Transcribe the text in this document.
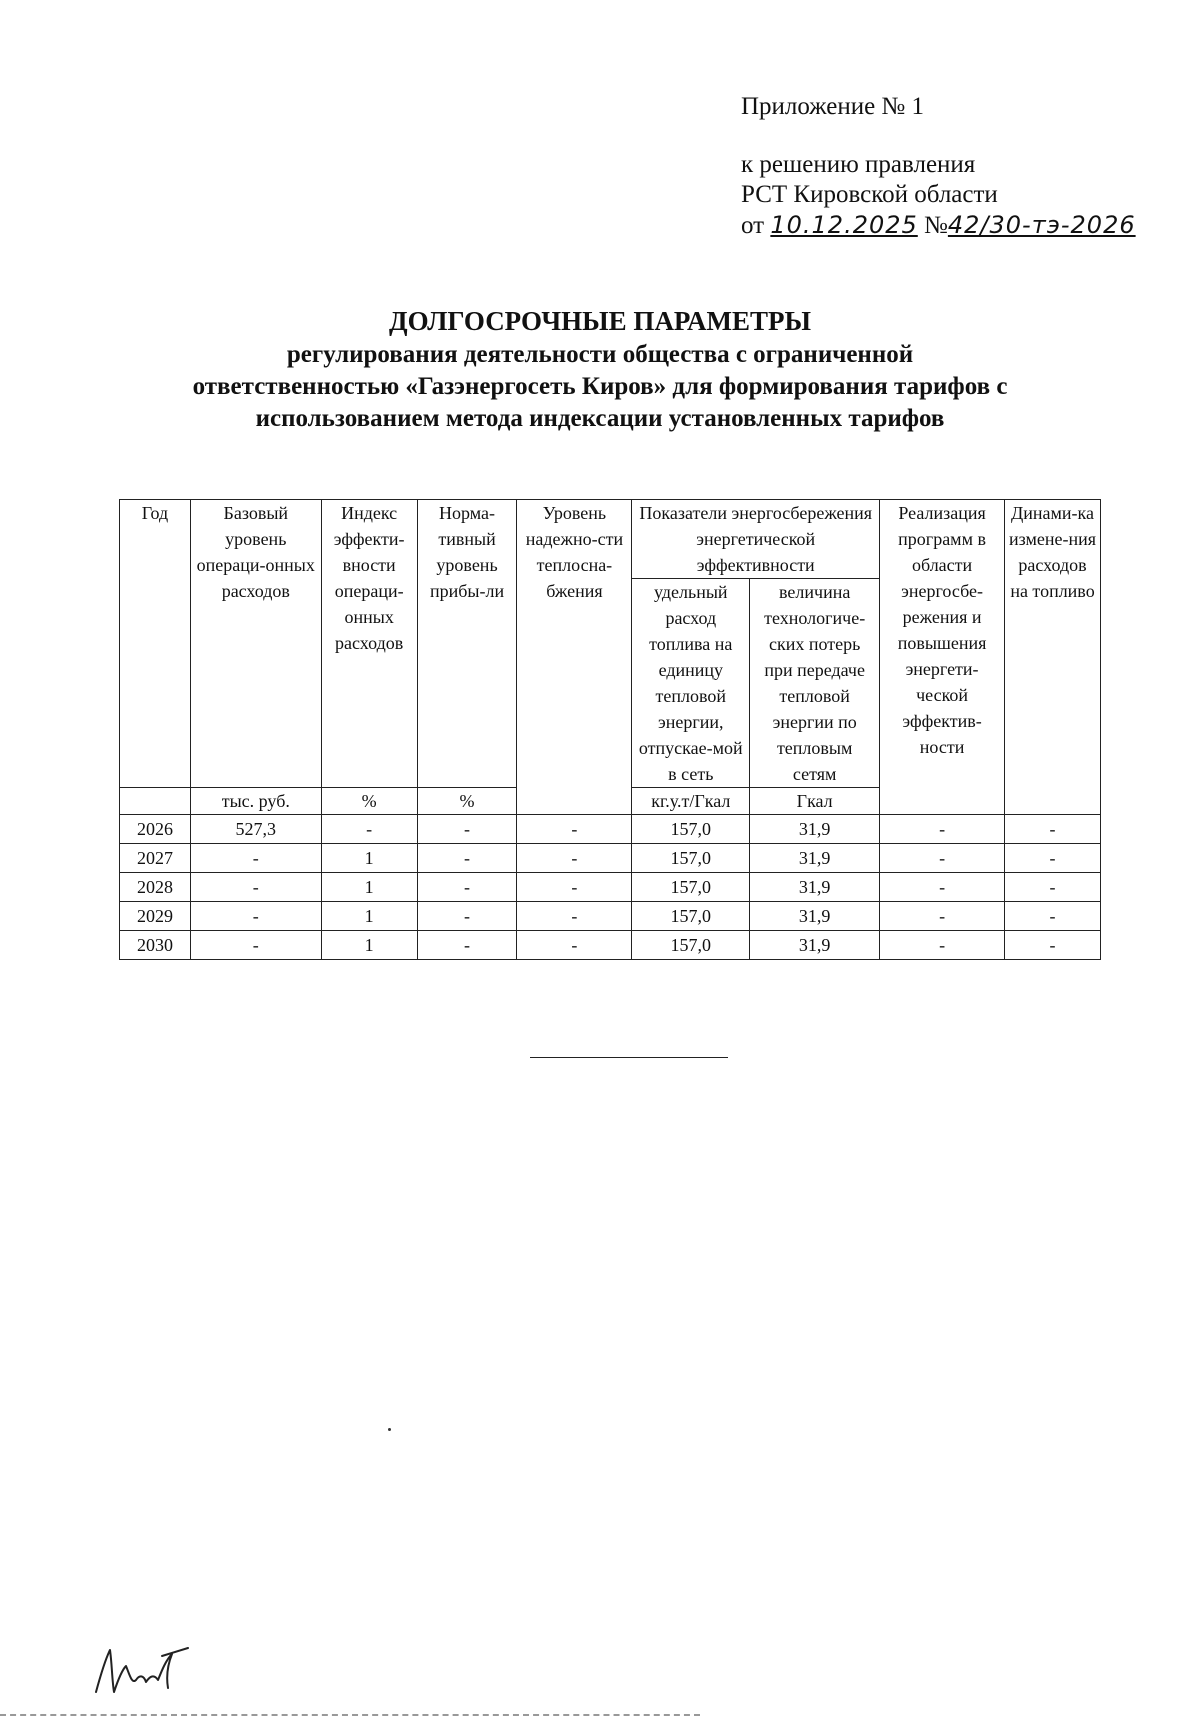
Приложение № 1
к решению правления
РСТ Кировской области
от 10.12.2025 №42/30-тэ-2026
ДОЛГОСРОЧНЫЕ ПАРАМЕТРЫ
регулирования деятельности общества с ограниченной ответственностью «Газэнергосеть Киров» для формирования тарифов с использованием метода индексации установленных тарифов
Год	Базовый уровень операци-онных расходов	Индекс эффекти-вности операци-онных расходов	Норма-тивный уровень прибы-ли	Уровень надежно-сти теплосна-бжения	Показатели энергосбережения энергетической эффективности		Реализация программ в области энергосбе-режения и повышения энергети-ческой эффектив-ности	Динами-ка измене-ния расходов на топливо
					удельный расход топлива на единицу тепловой энергии, отпускае-мой в сеть	величина технологиче-ских потерь при передаче тепловой энергии по тепловым сетям		
	тыс. руб.	%	%		кг.у.т/Гкал	Гкал		
2026	527,3	-	-	-	157,0	31,9	-	-
2027	-	1	-	-	157,0	31,9	-	-
2028	-	1	-	-	157,0	31,9	-	-
2029	-	1	-	-	157,0	31,9	-	-
2030	-	1	-	-	157,0	31,9	-	-
